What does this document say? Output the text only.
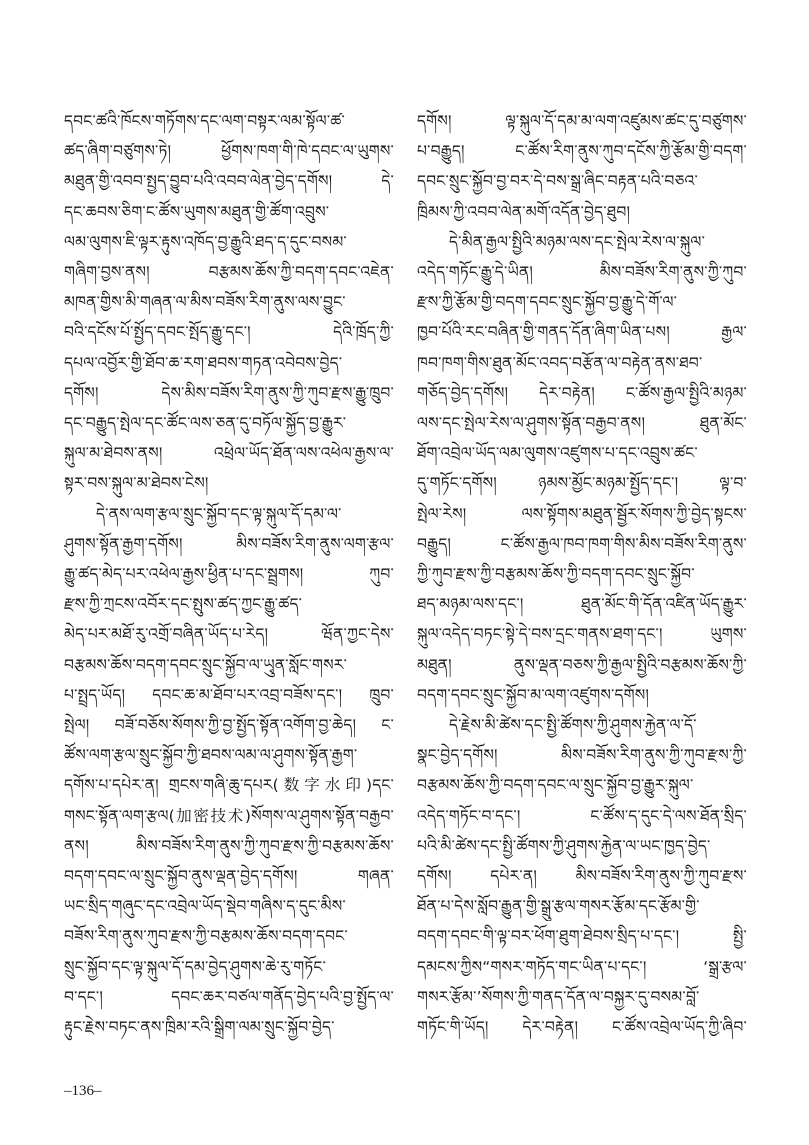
དབང་ཚའི་ཁོངས་གཏོགས་དང་ལག་བསྟར་ལམ་སྟོལ་ཚ་
ཚད་ཞིག་བཙུགས་ཏེ། ཕྱོགས་ཁག་གི་ཁེ་དབང་ལ་ཡུགས་
མཐུན་གྱི་འབབ་སྤྱད་བྱུབ་པའི་འབབ་ལེན་བྱེད་དགོས། དེ་
དང་ཆབས་ཅིག་ང་ཚོས་ཡུགས་མཐུན་གྱི་ཚོག་འབྲུས་
ལམ་ལུགས་ཇི་ལྟར་རྟུས་འཁོད་བྱ་རྒྱུའི་ཐད་ད་དུང་བསམ་
གཞིག་བྱས་ནས། བརྩམས་ཆོས་ཀྱི་བདག་དབང་འཇེན་
མཁན་གྱིས་མི་གཞན་ལ་མིས་བཟོས་རིག་ནུས་ལས་བྱུང་
བའི་དངོས་པོ་སྤྱོད་དབང་སྤོད་རྒྱུ་དང་། དེའི་ཁྲོད་ཀྱི་
དཔལ་འབྱོར་གྱི་ཐོབ་ཆ་རག་ཐབས་གཏན་འབེབས་བྱེད་
དགོས། དེས་མིས་བཟོས་རིག་ནུས་ཀྱི་ཀུབ་རྫས་རྒྱུ་ཁྲུབ་
དང་བརྒྱུད་སྤེལ་དང་ཚོང་ལས་ཅན་དུ་བཏོལ་སྐྱོད་བྱ་རྒྱུར་
སྐུལ་མ་ཐེབས་ནས། འཕྲེལ་ཡོད་ཐོན་ལས་འཕེལ་རྒྱས་ལ་
སྟར་བས་སྐུལ་མ་ཐེབས་ངེས།
དེ་ནས་ལག་རྩལ་སྲུང་སྐྱོབ་དང་ལྟ་སྐུལ་དོ་དམ་ལ་
ཤུགས་སྟོན་རྒྱག་དགོས། མིས་བཟོས་རིག་ནུས་ལག་རྩལ་
རྒྱུ་ཚད་མེད་པར་འཕེལ་རྒྱས་ཕྱིན་པ་དང་སྦྲགས། ཀུབ་
རྫས་ཀྱི་ཀྲངས་འབོར་དང་སྤུས་ཚད་ཀྱང་རྒྱུ་ཚད་
མེད་པར་མཐོ་རུ་འགྲོ་བཞིན་ཡོད་པ་རེད། ཝོན་ཀྱང་དེས་
བརྩམས་ཆོས་བདག་དབང་སྲུང་སྐྱོབ་ལ་ཡྭུན་སློང་གསར་
པ་སྤྲད་ཡོད། དབང་ཆ་མ་ཐོབ་པར་འབྲ་བཟོས་དང་། ཁྲུབ་
སྤེལ། བཟོ་བཅོས་སོགས་ཀྱི་བྱ་སྤྱོད་སྟོན་འགོག་བྱ་ཆེད། ང་
ཚོས་ལག་རྩལ་སྲུང་སྐྱོབ་ཀྱི་ཐབས་ལམ་ལ་ཤུགས་སྟོན་རྒྱག་
དགོས་པ་དཔེར་ན། གྲངས་གཞི་ཆུ་དཔར(数字水印)དང་
གསང་སྟོན་ལག་རྩལ(加密技术)སོགས་ལ་ཤུགས་སྟོན་བརྒྱབ་
ནས། མིས་བཟོས་རིག་ནུས་ཀྱི་ཀུབ་རྫས་ཀྱི་བརྩམས་ཆོས་
བདག་དབང་ལ་སྲུང་སྐྱོབ་ནུས་ལྡན་བྱེད་དགོས། གཞན་
ཡང་སྲིད་གཞུང་དང་འབྲེལ་ཡོད་སྡེབ་གཞིས་ད་དུང་མིས་
བཟོས་རིག་ནུས་ཀུབ་རྫས་ཀྱི་བརྩམས་ཆོས་བདག་དབང་
སྲུང་སྐྱོབ་དང་ལྟ་སྐུལ་དོ་དམ་བྱེད་ཤུགས་ཆེ་རུ་གཏོང་
བ་དང་། དབང་ཆར་བཙལ་གནོད་བྱེད་པའི་བྱ་སྤྱོད་ལ་
རྟུང་རྗེས་བཏང་ནས་ཁྲིམ་རའི་སྒྲིག་ལམ་སྲུང་སྐྱོབ་བྱེད་
དགོས། ལྟ་སྐུལ་དོ་དམ་མ་ལག་འཛུམས་ཚང་དུ་བཙུགས་
པ་བརྒྱུད། ང་ཚོས་རིག་ནུས་ཀུབ་དངོས་ཀྱི་རྩོམ་གྱི་བདག་
དབང་སྲུང་སྐྱོབ་བྱ་བར་དེ་བས་སྒྲ་ཞིང་བརྟན་པའི་བཅའ་
ཁྲིམས་ཀྱི་འབབ་ལེན་མགོ་འདོན་བྱེད་ཐུབ།
དེ་མིན་རྒྱལ་སྤྱིའི་མཉམ་ལས་དང་སྤེལ་རེས་ལ་སྐུལ་
འདེད་གཏོང་རྒྱུ་དེ་ཡིན། མིས་བཟོས་རིག་ནུས་ཀྱི་ཀུབ་
རྫས་ཀྱི་རྩོམ་གྱི་བདག་དབང་སྲུང་སྐྱོབ་བྱ་རྒྱུ་དེ་གོ་ལ་
ཁྱབ་པོའི་རང་བཞིན་གྱི་གནད་དོན་ཞིག་ཡིན་པས། རྒྱལ་
ཁབ་ཁག་གིས་ཐུན་མོང་འབད་བརྩོན་ལ་བརྟེན་ནས་ཐབ་
གཅོད་བྱེད་དགོས། དེར་བརྟེན། ང་ཚོས་རྒྱལ་སྤྱིའི་མཉམ་
ལས་དང་སྤེལ་རེས་ལ་ཤུགས་སྟོན་བརྒྱབ་ནས། ཐུན་མོང་
ཐོག་འབྲེལ་ཡོད་ལམ་ལུགས་འཛུགས་པ་དང་འབྲུས་ཚང་
དུ་གཏོང་དགོས། ཉམས་མྱོང་མཉམ་སྤྱོད་དང་། ལྟ་བ་
སྤེལ་རེས། ལས་སྟོགས་མཐུན་སྦྱོར་སོགས་ཀྱི་བྱེད་སྟངས་
བརྒྱུད། ང་ཚོས་རྒྱལ་ཁབ་ཁག་གིས་མིས་བཟོས་རིག་ནུས་
ཀྱི་ཀུབ་རྫས་ཀྱི་བརྩམས་ཆོས་ཀྱི་བདག་དབང་སྲུང་སྐྱོབ་
ཐད་མཉམ་ལས་དང་། ཐུན་མོང་གི་དོན་འཛིན་ཡོད་རྒྱུར་
སྐུལ་འདེད་བཏང་སྟེ་དེ་བས་དྲང་གནས་ཐག་དང་། ཡུགས་
མཐུན། ནུས་ལྡན་བཅས་ཀྱི་རྒྱལ་སྤྱིའི་བརྩམས་ཆོས་ཀྱི་
བདག་དབང་སྲུང་སྐྱོབ་མ་ལག་འཛུགས་དགོས།
དེ་རྗེས་མི་ཚེས་དང་སྤྱི་ཚོགས་ཀྱི་ཤུགས་རྐྱེན་ལ་དོ་
སྣང་བྱེད་དགོས། མིས་བཟོས་རིག་ནུས་ཀྱི་ཀུབ་རྫས་ཀྱི་
བརྩམས་ཆོས་ཀྱི་བདག་དབང་ལ་སྲུང་སྐྱོབ་བྱ་རྒྱུར་སྐུལ་
འདེད་གཏོང་བ་དང་། ང་ཚོས་ད་དུང་དེ་ལས་ཐོན་སྲིད་
པའི་མི་ཚེས་དང་སྤྱི་ཚོགས་ཀྱི་ཤུགས་རྐྱེན་ལ་ཡང་ཁྱད་བྱེད་
དགོས། དཔེར་ན། མིས་བཟོས་རིག་ནུས་ཀྱི་ཀུབ་རྫས་
ཐོན་པ་དེས་སློབ་རྒྱུན་གྱི་སྒྲུ་རྩལ་གསར་རྩོམ་དང་རྩོམ་གྱི་
བདག་དབང་གི་ལྟ་བར་ཕོག་ཐུག་ཐེབས་སྲིད་པ་དང་། སྤྱི་
དམངས་ཀྱིས“གསར་གཏོད་གང་ཡིན་པ་དང་། ‘སྒྲ་རྩལ་
གསར་རྩོམ་’སོགས་ཀྱི་གནད་དོན་ལ་བསྐྱར་དུ་བསམ་བློ་
གཏོང་གི་ཡོད། དེར་བརྟེན། ང་ཚོས་འབྲེལ་ཡོད་ཀྱི་ཞིབ་
–136–
